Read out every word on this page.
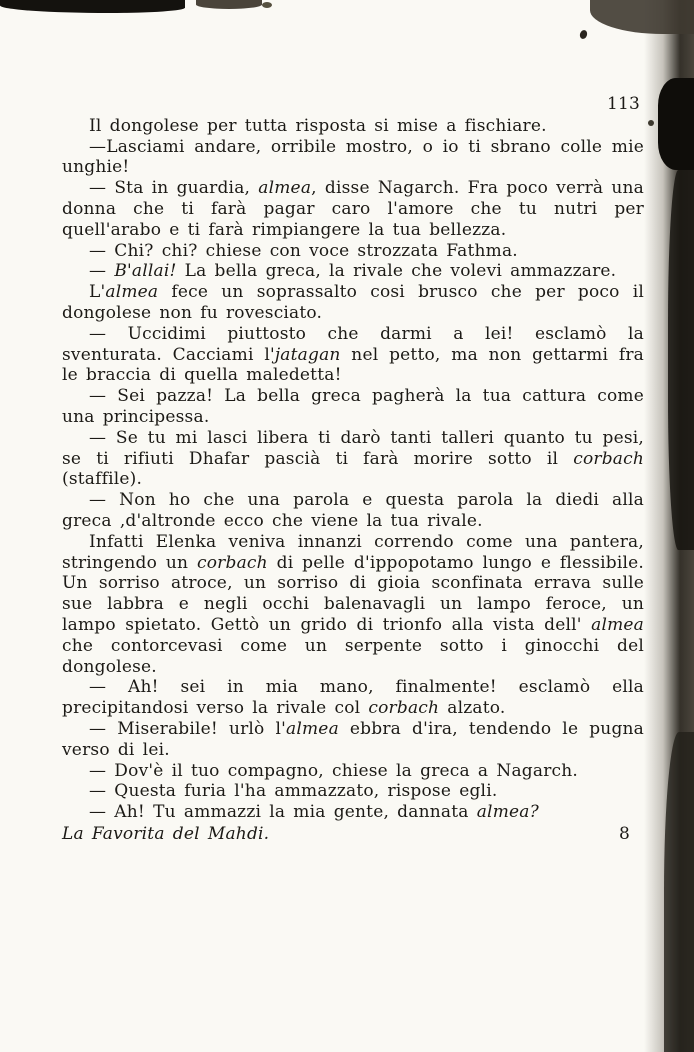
113

Il dongolese per tutta risposta si mise a fischiare.

—Lasciami andare, orribile mostro, o io ti sbrano colle mie unghie!

— Sta in guardia, almea, disse Nagarch. Fra poco verrà una donna che ti farà pagar caro l'amore che tu nutri per quell'arabo e ti farà rimpiangere la tua bellezza.

— Chi? chi? chiese con voce strozzata Fathma.

— B'allai! La bella greca, la rivale che volevi ammazzare.

L'almea fece un soprassalto cosi brusco che per poco il dongolese non fu rovesciato.

— Uccidimi piuttosto che darmi a lei! esclamò la sventurata. Cacciami l'jatagan nel petto, ma non gettarmi fra le braccia di quella maledetta!

— Sei pazza! La bella greca pagherà la tua cattura come una principessa.

— Se tu mi lasci libera ti darò tanti talleri quanto tu pesi, se ti rifiuti Dhafar pascià ti farà morire sotto il corbach (staffile).

— Non ho che una parola e questa parola la diedi alla greca ,d'altronde ecco che viene la tua rivale.

Infatti Elenka veniva innanzi correndo come una pantera, stringendo un corbach di pelle d'ippopotamo lungo e flessibile. Un sorriso atroce, un sorriso di gioia sconfinata errava sulle sue labbra e negli occhi balenavagli un lampo feroce, un lampo spietato. Gettò un grido di trionfo alla vista dell' almea che contorcevasi come un serpente sotto i ginocchi del dongolese.

— Ah! sei in mia mano, finalmente! esclamò ella precipitandosi verso la rivale col corbach alzato.

— Miserabile! urlò l'almea ebbra d'ira, tendendo le pugna verso di lei.

— Dov'è il tuo compagno, chiese la greca a Nagarch.

— Questa furia l'ha ammazzato, rispose egli.

— Ah! Tu ammazzi la mia gente, dannata almea?

La Favorita del Mahdi.	8
